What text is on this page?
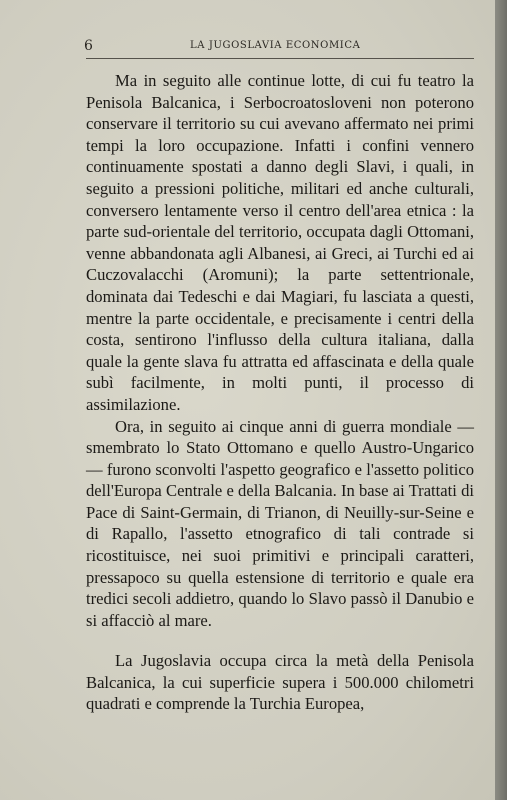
6	LA JUGOSLAVIA ECONOMICA

Ma in seguito alle continue lotte, di cui fu teatro la Penisola Balcanica, i Serbocroatosloveni non poterono conservare il territorio su cui avevano affermato nei primi tempi la loro occupazione. Infatti i confini vennero continuamente spostati a danno degli Slavi, i quali, in seguito a pressioni politiche, militari ed anche culturali, conversero lentamente verso il centro dell'area etnica : la parte sud-orientale del territorio, occupata dagli Ottomani, venne abbandonata agli Albanesi, ai Greci, ai Turchi ed ai Cuczovalacchi (Aromuni); la parte settentrionale, dominata dai Tedeschi e dai Magiari, fu lasciata a questi, mentre la parte occidentale, e precisamente i centri della costa, sentirono l'influsso della cultura italiana, dalla quale la gente slava fu attratta ed affascinata e della quale subì facilmente, in molti punti, il processo di assimilazione.

Ora, in seguito ai cinque anni di guerra mondiale — smembrato lo Stato Ottomano e quello Austro-Ungarico — furono sconvolti l'aspetto geografico e l'assetto politico dell'Europa Centrale e della Balcania. In base ai Trattati di Pace di Saint-Germain, di Trianon, di Neuilly-sur-Seine e di Rapallo, l'assetto etnografico di tali contrade si ricostituisce, nei suoi primitivi e principali caratteri, pressapoco su quella estensione di territorio e quale era tredici secoli addietro, quando lo Slavo passò il Danubio e si affacciò al mare.

La Jugoslavia occupa circa la metà della Penisola Balcanica, la cui superficie supera i 500.000 chilometri quadrati e comprende la Turchia Europea,
